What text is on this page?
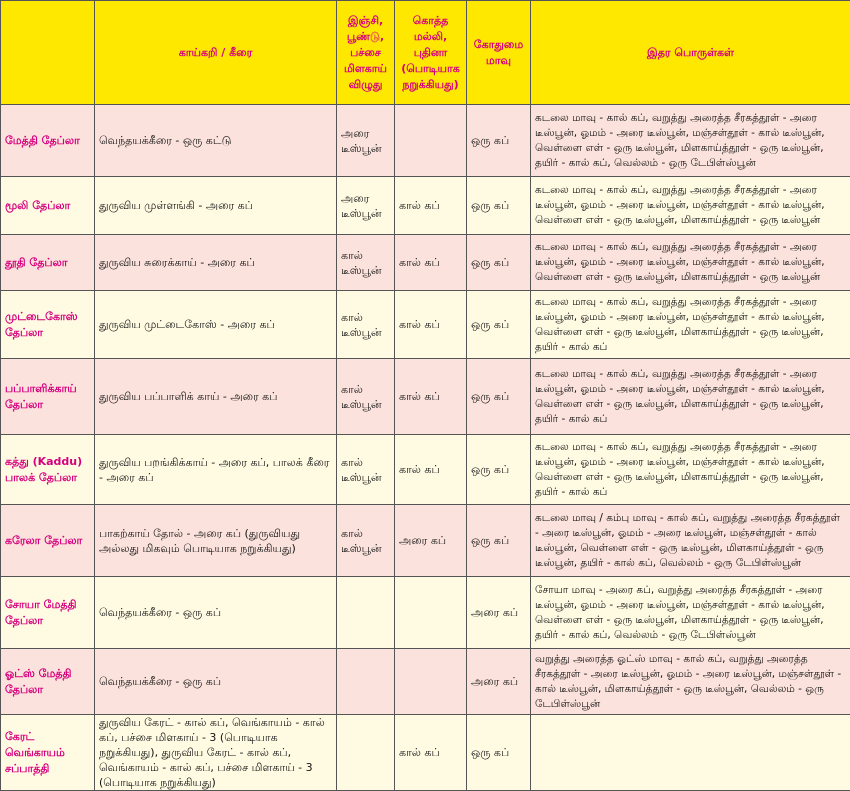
	காய்கறி / கீரை	இஞ்சி, பூண்டு, பச்சை மிளகாய் விழுது	கொத்த மல்லி, புதினா (பொடியாக நறுக்கியது)	கோதுமை மாவு	இதர பொருள்கள்
மேத்தி தேப்லா	வெந்தயக்கீரை - ஒரு கட்டு	அரை டீஸ்பூன்		ஒரு கப்	கடலை மாவு - கால் கப், வறுத்து அரைத்த சீரகத்தூள் - அரை டீஸ்பூன், ஓமம் - அரை டீஸ்பூன், மஞ்சள்தூள் - கால் டீஸ்பூன், வெள்ளை எள் - ஒரு டீஸ்பூன், மிளகாய்த்தூள் - ஒரு டீஸ்பூன், தயிர் - கால் கப், வெல்லம் - ஒரு டேபிள்ஸ்பூன்
மூலி தேப்லா	துருவிய முள்ளங்கி - அரை கப்	அரை டீஸ்பூன்	கால் கப்	ஒரு கப்	கடலை மாவு - கால் கப், வறுத்து அரைத்த சீரகத்தூள் - அரை டீஸ்பூன், ஓமம் - அரை டீஸ்பூன், மஞ்சள்தூள் - கால் டீஸ்பூன், வெள்ளை எள் - ஒரு டீஸ்பூன், மிளகாய்த்தூள் - ஒரு டீஸ்பூன்
தூதி தேப்லா	துருவிய சுரைக்காய் - அரை கப்	கால் டீஸ்பூன்	கால் கப்	ஒரு கப்	கடலை மாவு - கால் கப், வறுத்து அரைத்த சீரகத்தூள் - அரை டீஸ்பூன், ஓமம் - அரை டீஸ்பூன், மஞ்சள்தூள் - கால் டீஸ்பூன், வெள்ளை எள் - ஒரு டீஸ்பூன், மிளகாய்த்தூள் - ஒரு டீஸ்பூன்
முட்டைகோஸ் தேப்லா	துருவிய முட்டைகோஸ் - அரை கப்	கால் டீஸ்பூன்	கால் கப்	ஒரு கப்	கடலை மாவு - கால் கப், வறுத்து அரைத்த சீரகத்தூள் - அரை டீஸ்பூன், ஓமம் - அரை டீஸ்பூன், மஞ்சள்தூள் - கால் டீஸ்பூன், வெள்ளை எள் - ஒரு டீஸ்பூன், மிளகாய்த்தூள் - ஒரு டீஸ்பூன், தயிர் - கால் கப்
பப்பாளிக்காய் தேப்லா	துருவிய பப்பாளிக் காய் - அரை கப்	கால் டீஸ்பூன்	கால் கப்	ஒரு கப்	கடலை மாவு - கால் கப், வறுத்து அரைத்த சீரகத்தூள் - அரை டீஸ்பூன், ஓமம் - அரை டீஸ்பூன், மஞ்சள்தூள் - கால் டீஸ்பூன், வெள்ளை எள் - ஒரு டீஸ்பூன், மிளகாய்த்தூள் - ஒரு டீஸ்பூன், தயிர் - கால் கப்
கத்து (Kaddu) பாலக் தேப்லா	துருவிய பறங்கிக்காய் - அரை கப், பாலக் கீரை - அரை கப்	கால் டீஸ்பூன்	கால் கப்	ஒரு கப்	கடலை மாவு - கால் கப், வறுத்து அரைத்த சீரகத்தூள் - அரை டீஸ்பூன், ஓமம் - அரை டீஸ்பூன், மஞ்சள்தூள் - கால் டீஸ்பூன், வெள்ளை எள் - ஒரு டீஸ்பூன், மிளகாய்த்தூள் - ஒரு டீஸ்பூன், தயிர் - கால் கப்
கரேலா தேப்லா	பாகற்காய் தோல் - அரை கப் (துருவியது அல்லது மிகவும் பொடியாக நறுக்கியது)	கால் டீஸ்பூன்	அரை கப்	ஒரு கப்	கடலை மாவு / கம்பு மாவு - கால் கப், வறுத்து அரைத்த சீரகத்தூள் - அரை டீஸ்பூன், ஓமம் - அரை டீஸ்பூன், மஞ்சள்தூள் - கால் டீஸ்பூன், வெள்ளை எள் - ஒரு டீஸ்பூன், மிளகாய்த்தூள் - ஒரு டீஸ்பூன், தயிர் - கால் கப், வெல்லம் - ஒரு டேபிள்ஸ்பூன்
சோயா மேத்தி தேப்லா	வெந்தயக்கீரை - ஒரு கப்			அரை கப்	சோயா மாவு - அரை கப், வறுத்து அரைத்த சீரகத்தூள் - அரை டீஸ்பூன், ஓமம் - அரை டீஸ்பூன், மஞ்சள்தூள் - கால் டீஸ்பூன், வெள்ளை எள் - ஒரு டீஸ்பூன், மிளகாய்த்தூள் - ஒரு டீஸ்பூன், தயிர் - கால் கப், வெல்லம் - ஒரு டேபிள்ஸ்பூன்
ஓட்ஸ் மேத்தி தேப்லா	வெந்தயக்கீரை - ஒரு கப்			அரை கப்	வறுத்து அரைத்த ஓட்ஸ் மாவு - கால் கப், வறுத்து அரைத்த சீரகத்தூள் - அரை டீஸ்பூன், ஓமம் - அரை டீஸ்பூன், மஞ்சள்தூள் - கால் டீஸ்பூன், மிளகாய்த்தூள் - ஒரு டீஸ்பூன், வெல்லம் - ஒரு டேபிள்ஸ்பூன்
கேரட் வெங்காயம் சப்பாத்தி	துருவிய கேரட் - கால் கப், வெங்காயம் - கால் கப், பச்சை மிளகாய் - 3 (பொடியாக நறுக்கியது), துருவிய கேரட் - கால் கப், வெங்காயம் - கால் கப், பச்சை மிளகாய் - 3 (பொடியாக நறுக்கியது)		கால் கப்	ஒரு கப்	
